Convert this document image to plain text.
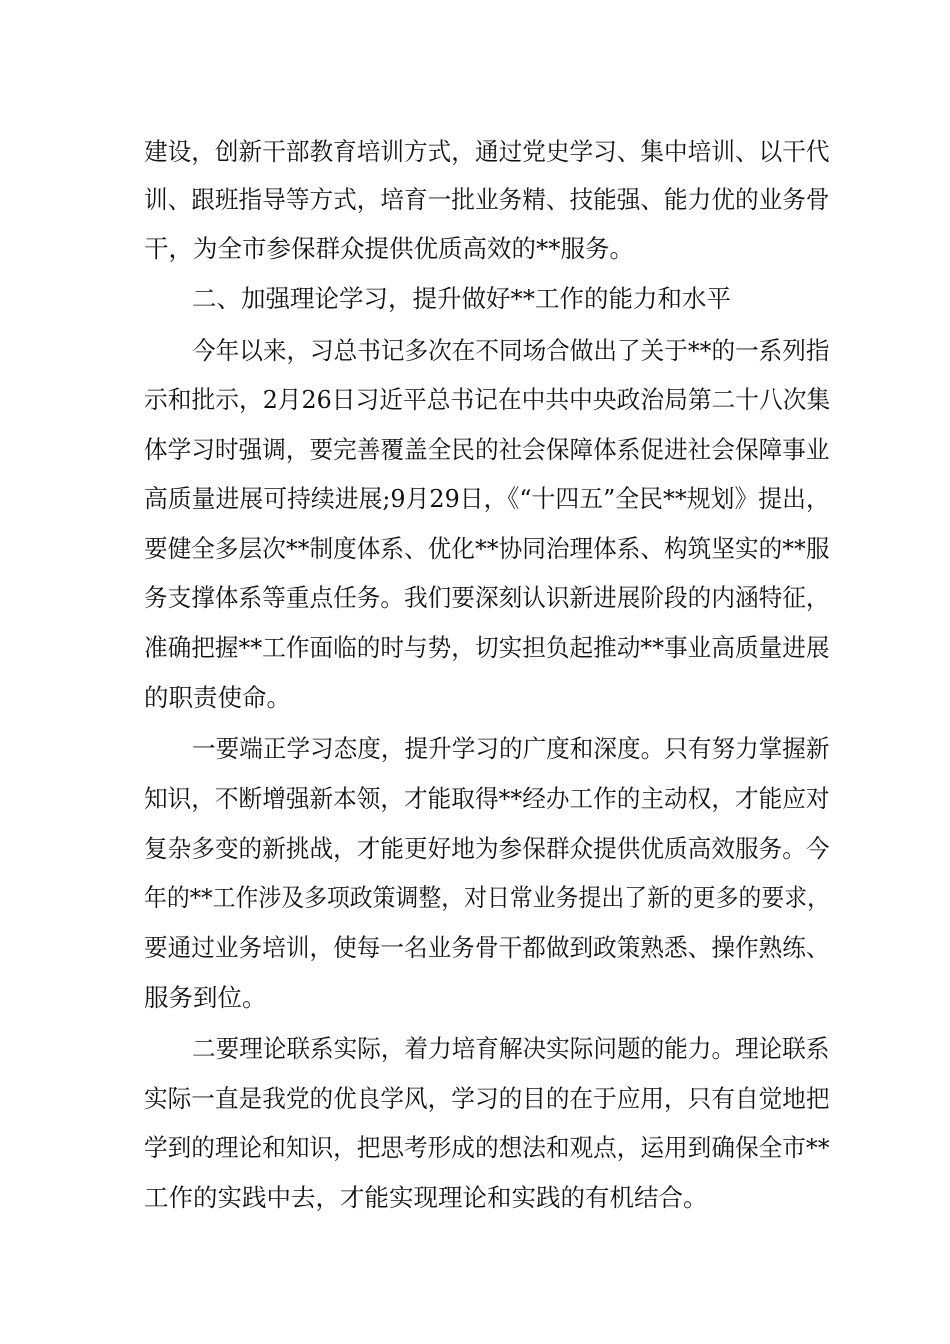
建设，创新干部教育培训方式，通过党史学习、集中培训、以干代

训、跟班指导等方式，培育一批业务精、技能强、能力优的业务骨

干，为全市参保群众提供优质高效的**服务。

二、加强理论学习，提升做好**工作的能力和水平

今年以来，习总书记多次在不同场合做出了关于**的一系列指

示和批示，2月26日习近平总书记在中共中央政治局第二十八次集

体学习时强调，要完善覆盖全民的社会保障体系促进社会保障事业

高质量进展可持续进展;9月29日，《“十四五”全民**规划》提出，

要健全多层次**制度体系、优化**协同治理体系、构筑坚实的**服

务支撑体系等重点任务。我们要深刻认识新进展阶段的内涵特征，

准确把握**工作面临的时与势，切实担负起推动**事业高质量进展

的职责使命。

一要端正学习态度，提升学习的广度和深度。只有努力掌握新

知识，不断增强新本领，才能取得**经办工作的主动权，才能应对

复杂多变的新挑战，才能更好地为参保群众提供优质高效服务。今

年的**工作涉及多项政策调整，对日常业务提出了新的更多的要求，

要通过业务培训，使每一名业务骨干都做到政策熟悉、操作熟练、

服务到位。

二要理论联系实际，着力培育解决实际问题的能力。理论联系

实际一直是我党的优良学风，学习的目的在于应用，只有自觉地把

学到的理论和知识，把思考形成的想法和观点，运用到确保全市**

工作的实践中去，才能实现理论和实践的有机结合。
